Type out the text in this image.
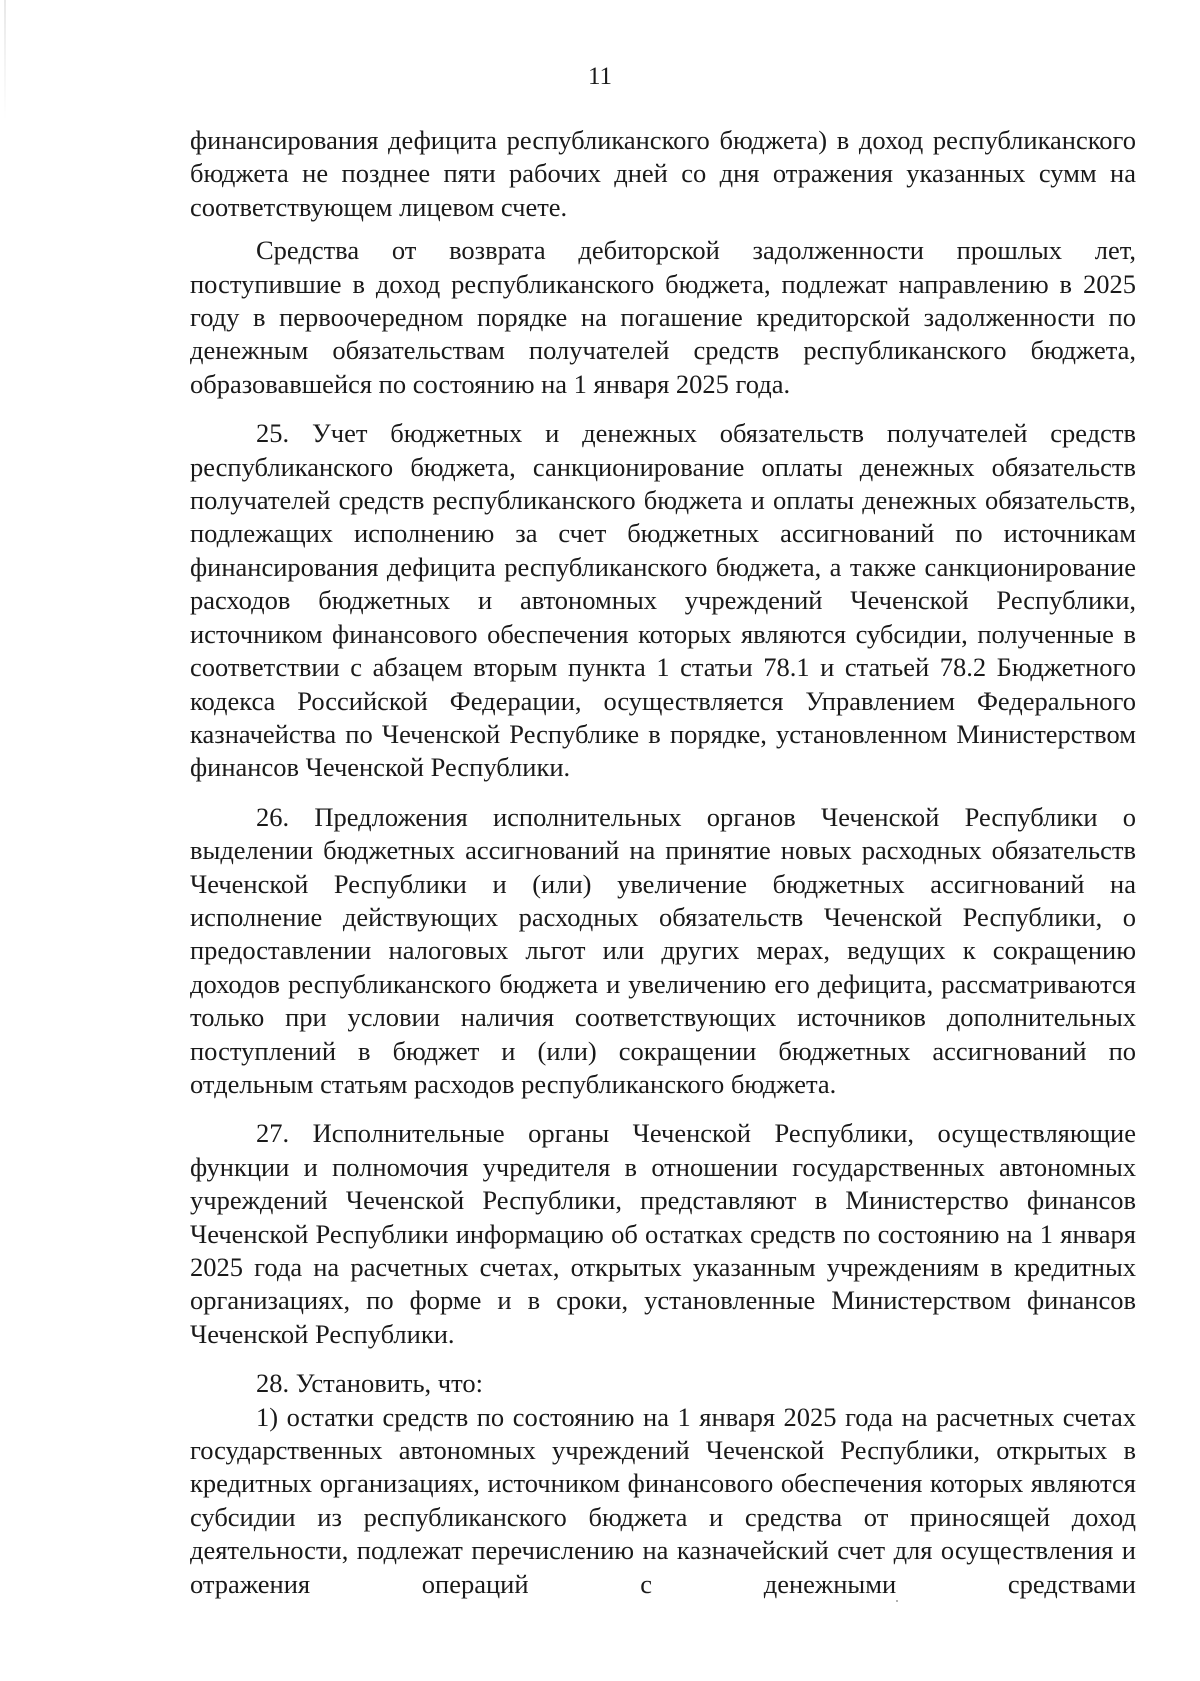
11

финансирования дефицита республиканского бюджета) в доход республиканского бюджета не позднее пяти рабочих дней со дня отражения указанных сумм на соответствующем лицевом счете.

Средства от возврата дебиторской задолженности прошлых лет, поступившие в доход республиканского бюджета, подлежат направлению в 2025 году в первоочередном порядке на погашение кредиторской задолженности по денежным обязательствам получателей средств республиканского бюджета, образовавшейся по состоянию на 1 января 2025 года.

25. Учет бюджетных и денежных обязательств получателей средств республиканского бюджета, санкционирование оплаты денежных обязательств получателей средств республиканского бюджета и оплаты денежных обязательств, подлежащих исполнению за счет бюджетных ассигнований по источникам финансирования дефицита республиканского бюджета, а также санкционирование расходов бюджетных и автономных учреждений Чеченской Республики, источником финансового обеспечения которых являются субсидии, полученные в соответствии с абзацем вторым пункта 1 статьи 78.1 и статьей 78.2 Бюджетного кодекса Российской Федерации, осуществляется Управлением Федерального казначейства по Чеченской Республике в порядке, установленном Министерством финансов Чеченской Республики.

26. Предложения исполнительных органов Чеченской Республики о выделении бюджетных ассигнований на принятие новых расходных обязательств Чеченской Республики и (или) увеличение бюджетных ассигнований на исполнение действующих расходных обязательств Чеченской Республики, о предоставлении налоговых льгот или других мерах, ведущих к сокращению доходов республиканского бюджета и увеличению его дефицита, рассматриваются только при условии наличия соответствующих источников дополнительных поступлений в бюджет и (или) сокращении бюджетных ассигнований по отдельным статьям расходов республиканского бюджета.

27. Исполнительные органы Чеченской Республики, осуществляющие функции и полномочия учредителя в отношении государственных автономных учреждений Чеченской Республики, представляют в Министерство финансов Чеченской Республики информацию об остатках средств по состоянию на 1 января 2025 года на расчетных счетах, открытых указанным учреждениям в кредитных организациях, по форме и в сроки, установленные Министерством финансов Чеченской Республики.

28. Установить, что:

1) остатки средств по состоянию на 1 января 2025 года на расчетных счетах государственных автономных учреждений Чеченской Республики, открытых в кредитных организациях, источником финансового обеспечения которых являются субсидии из республиканского бюджета и средства от приносящей доход деятельности, подлежат перечислению на казначейский счет для осуществления и отражения операций с денежными средствами
